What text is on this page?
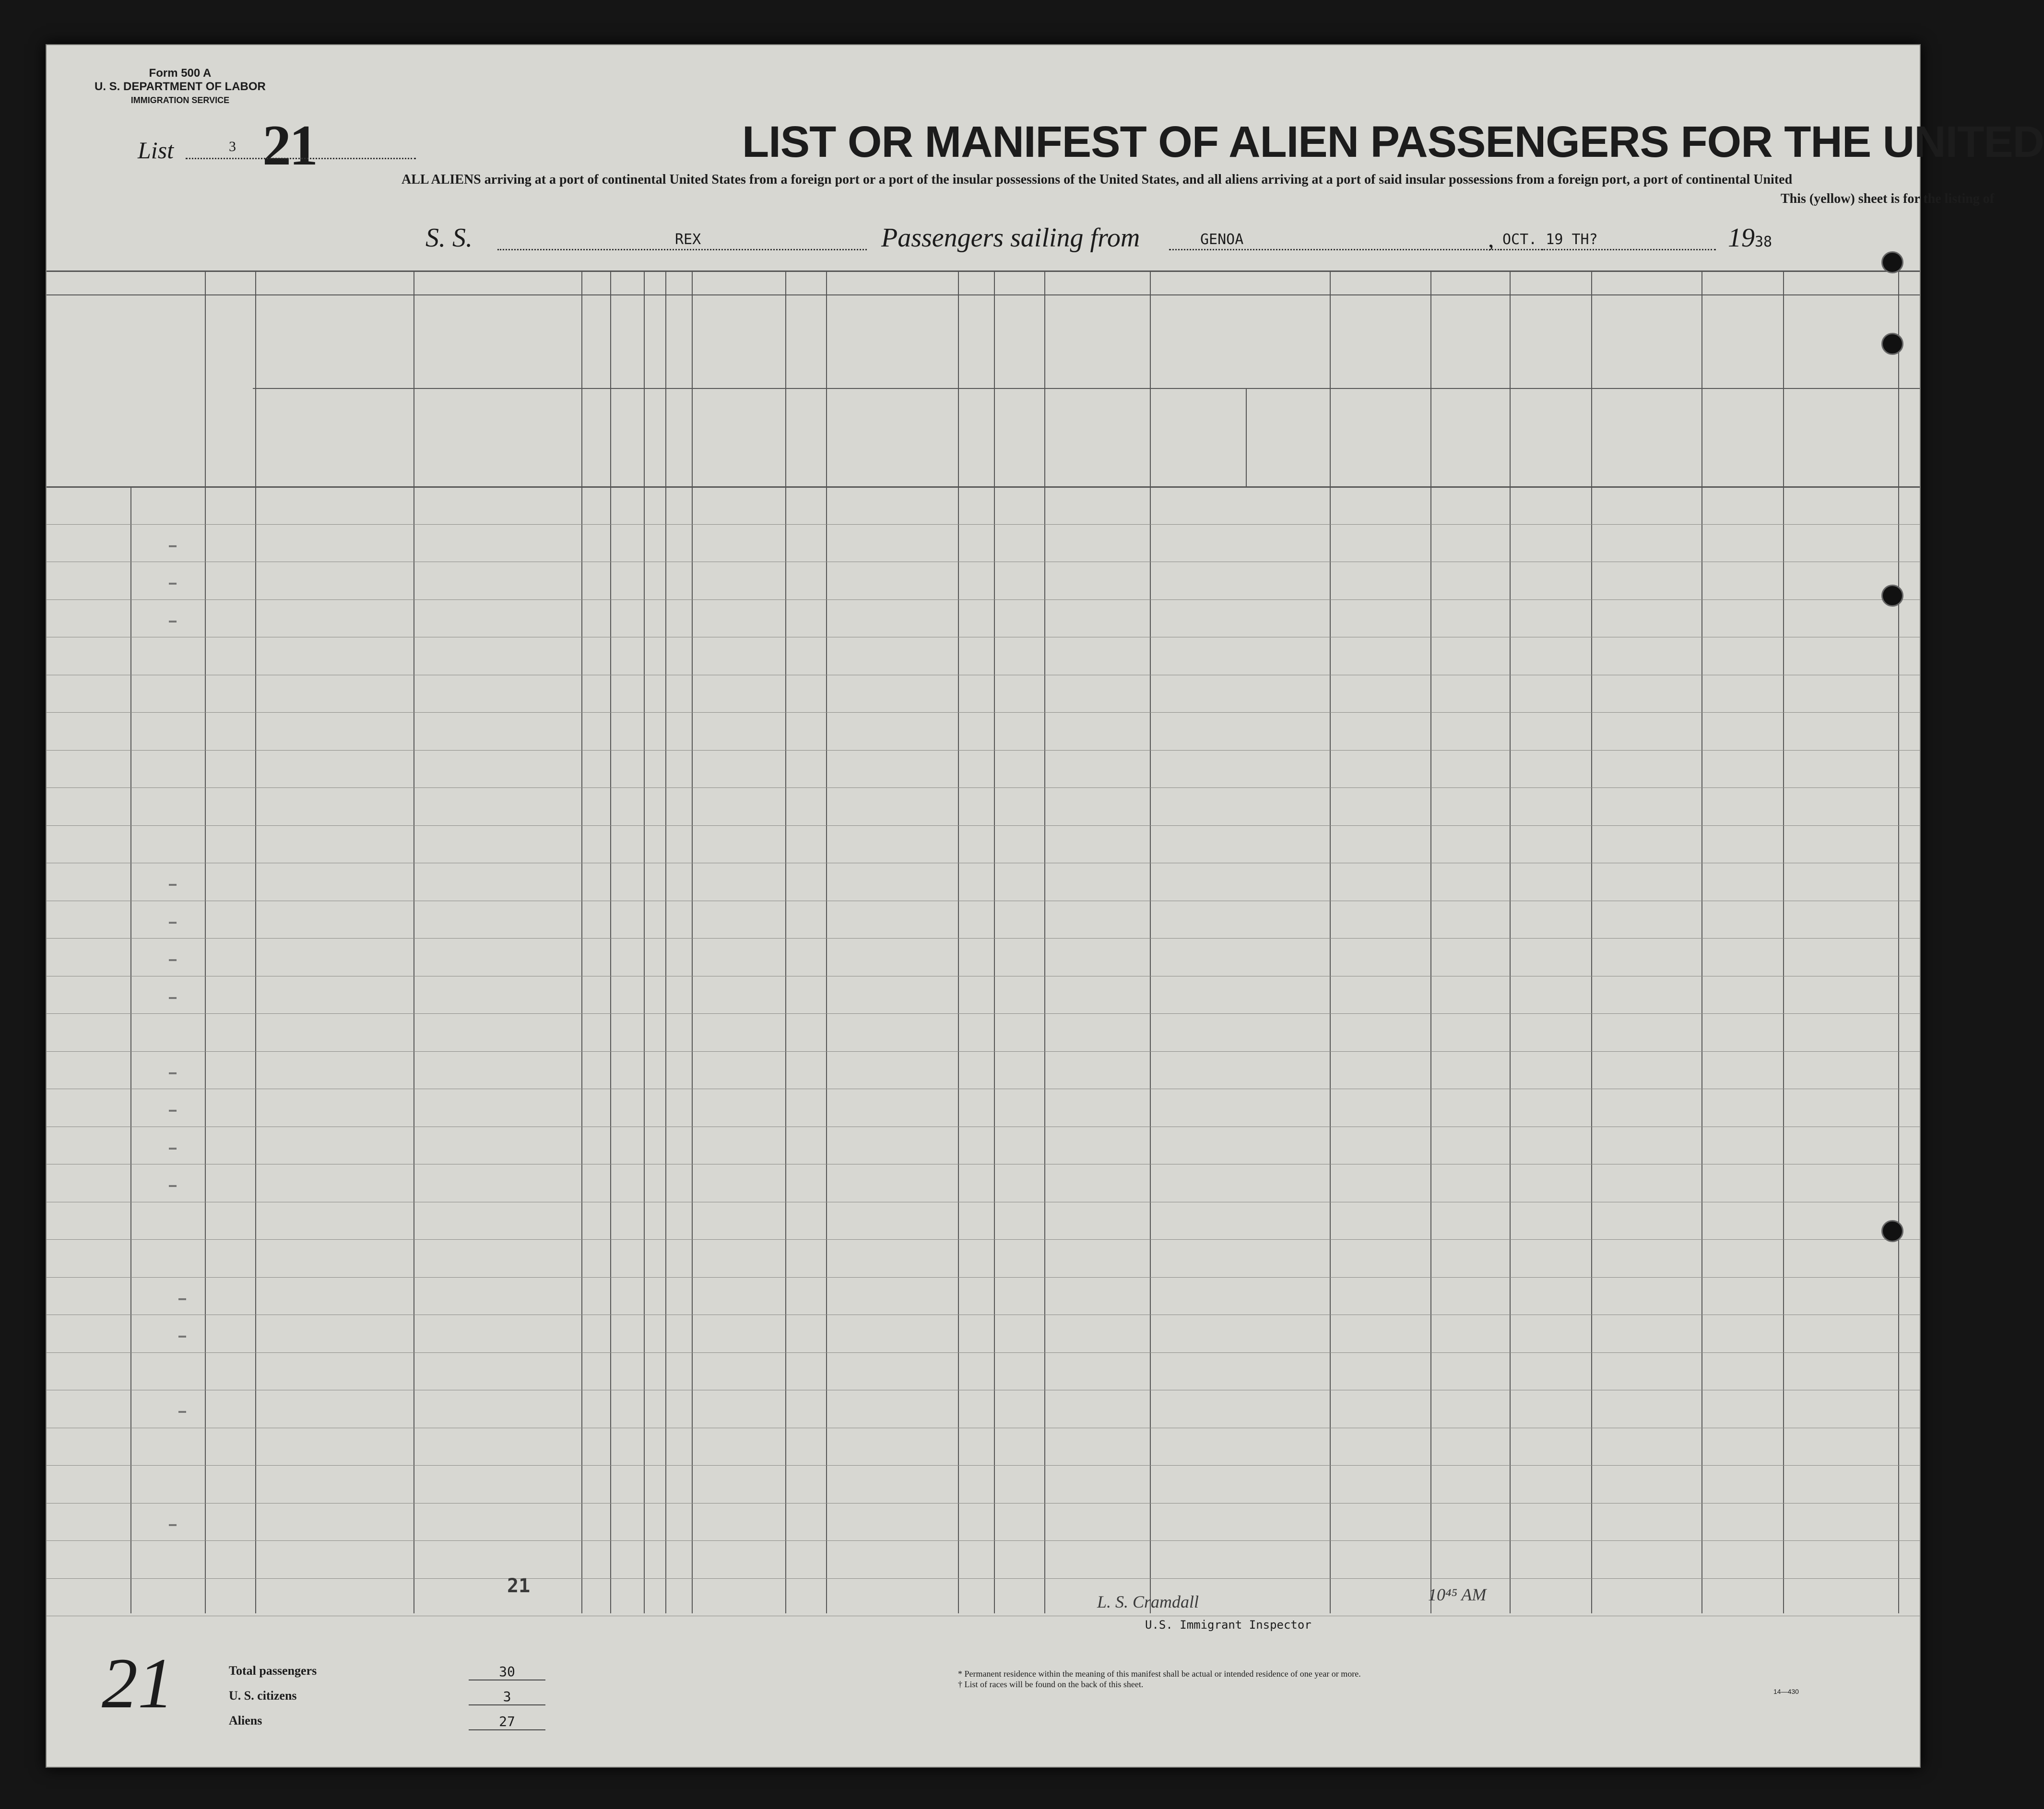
Form 500 A
U. S. DEPARTMENT OF LABOR
IMMIGRATION SERVICE
List	3 21	LIST OR MANIFEST OF ALIEN PASSENGERS FOR THE UNITED
ALL ALIENS arriving at a port of continental United States from a foreign port or a port of the insular possessions of the United States, and all aliens arriving at a port of said insular possessions from a foreign port, a port of continental United
This (yellow) sheet is for the listing of
S. S.	REX	Passengers sailing from	GENOA	, OCT. 19 TH?	1938
21
21
L. S. Cramdall	10⁴⁵ AM
U.S. Immigrant Inspector
Total passengers	30
U. S. citizens	3
Aliens	27
* Permanent residence within the meaning of this manifest shall be actual or intended residence of one year or more.
† List of races will be found on the back of this sheet.
14—430
